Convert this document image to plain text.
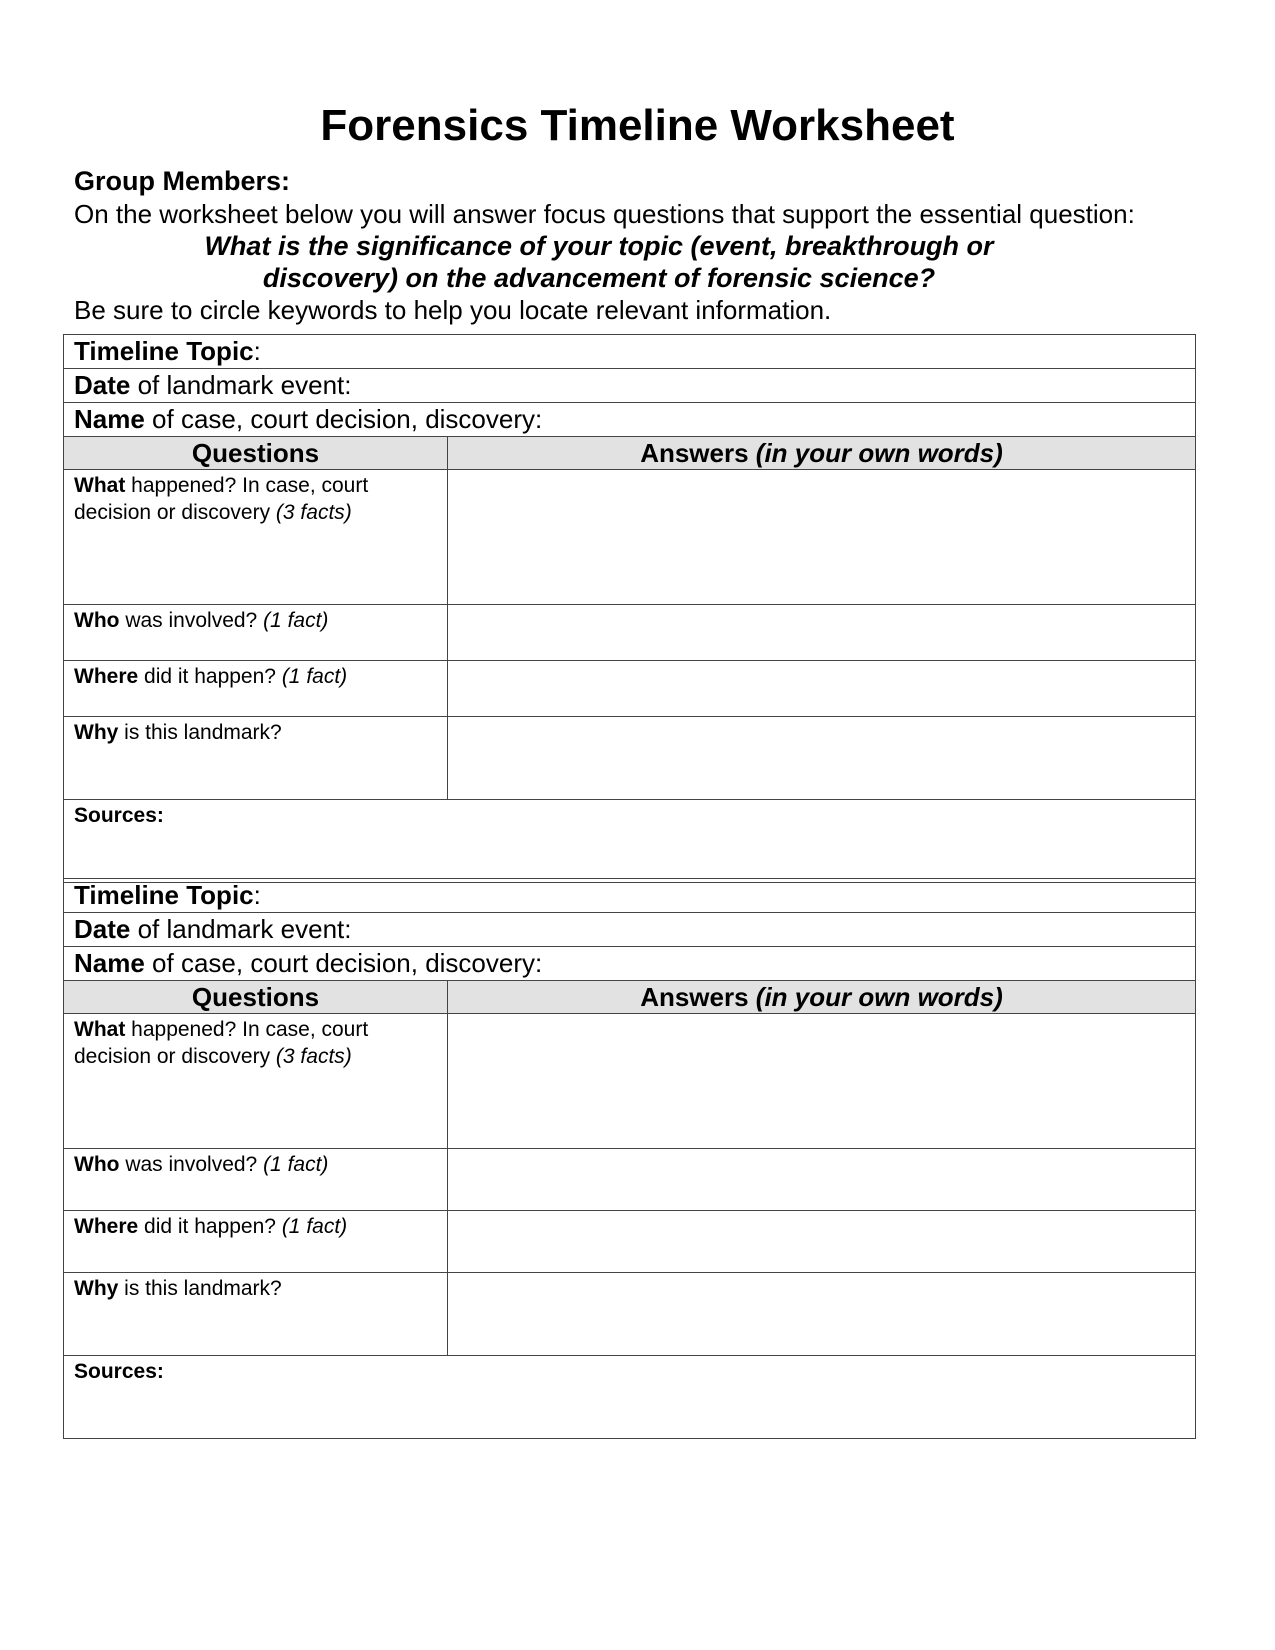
Forensics Timeline Worksheet
Group Members:
On the worksheet below you will answer focus questions that support the essential question:
What is the significance of your topic (event, breakthrough or
discovery) on the advancement of forensic science?
Be sure to circle keywords to help you locate relevant information.
Timeline Topic:	
Date of landmark event:	
Name of case, court decision, discovery:	
Questions	Answers (in your own words)
What happened? In case, court decision or discovery (3 facts)	
Who was involved? (1 fact)	
Where did it happen? (1 fact)	
Why is this landmark?	
Sources:	
Timeline Topic:	
Date of landmark event:	
Name of case, court decision, discovery:	
Questions	Answers (in your own words)
What happened? In case, court decision or discovery (3 facts)	
Who was involved? (1 fact)	
Where did it happen? (1 fact)	
Why is this landmark?	
Sources:	
